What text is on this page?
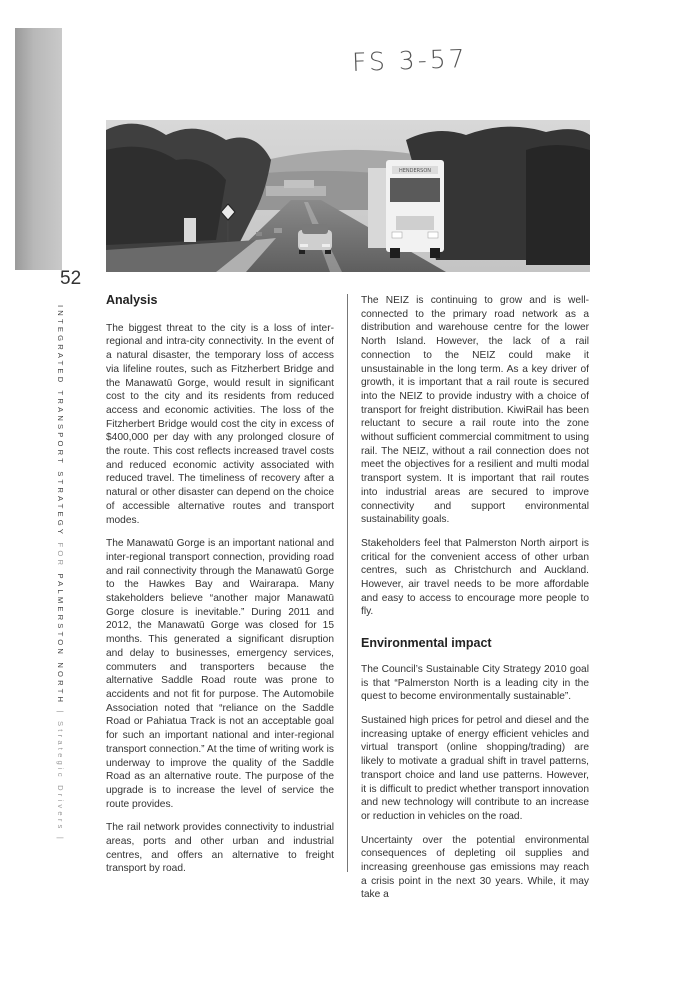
FS 3-57
HENDERSON
52
INTEGRATED TRANSPORT STRATEGY FOR PALMERSTON NORTH | Strategic Drivers |
Analysis

The biggest threat to the city is a loss of inter-regional and intra-city connectivity. In the event of a natural disaster, the temporary loss of access via lifeline routes, such as Fitzherbert Bridge and the Manawatū Gorge, would result in significant cost to the city and its residents from reduced access and economic activities. The loss of the Fitzherbert Bridge would cost the city in excess of $400,000 per day with any prolonged closure of the route. This cost reflects increased travel costs and reduced economic activity associated with reduced travel. The timeliness of recovery after a natural or other disaster can depend on the choice of accessible alternative routes and transport modes.

The Manawatū Gorge is an important national and inter-regional transport connection, providing road and rail connectivity through the Manawatū Gorge to the Hawkes Bay and Wairarapa. Many stakeholders believe “another major Manawatū Gorge closure is inevitable.” During 2011 and 2012, the Manawatū Gorge was closed for 15 months. This generated a significant disruption and delay to businesses, emergency services, commuters and transporters because the alternative Saddle Road route was prone to accidents and not fit for purpose. The Automobile Association noted that “reliance on the Saddle Road or Pahiatua Track is not an acceptable goal for such an important national and inter-regional transport connection.” At the time of writing work is underway to improve the quality of the Saddle Road as an alternative route. The purpose of the upgrade is to increase the level of service the route provides.

The rail network provides connectivity to industrial areas, ports and other urban and industrial centres, and offers an alternative to freight transport by road.

The NEIZ is continuing to grow and is well-connected to the primary road network as a distribution and warehouse centre for the lower North Island. However, the lack of a rail connection to the NEIZ could make it unsustainable in the long term. As a key driver of growth, it is important that a rail route is secured into the NEIZ to provide industry with a choice of transport for freight distribution. KiwiRail has been reluctant to secure a rail route into the zone without sufficient commercial commitment to using rail. The NEIZ, without a rail connection does not meet the objectives for a resilient and multi modal transport system. It is important that rail routes into industrial areas are secured to improve connectivity and support environmental sustainability goals.

Stakeholders feel that Palmerston North airport is critical for the convenient access of other urban centres, such as Christchurch and Auckland. However, air travel needs to be more affordable and easy to access to encourage more people to fly.

Environmental impact

The Council’s Sustainable City Strategy 2010 goal is that “Palmerston North is a leading city in the quest to become environmentally sustainable”.

Sustained high prices for petrol and diesel and the increasing uptake of energy efficient vehicles and virtual transport (online shopping/trading) are likely to motivate a gradual shift in travel patterns, transport choice and land use patterns. However, it is difficult to predict whether transport innovation and new technology will contribute to an increase or reduction in vehicles on the road.

Uncertainty over the potential environmental consequences of depleting oil supplies and increasing greenhouse gas emissions may reach a crisis point in the next 30 years. While, it may take a
